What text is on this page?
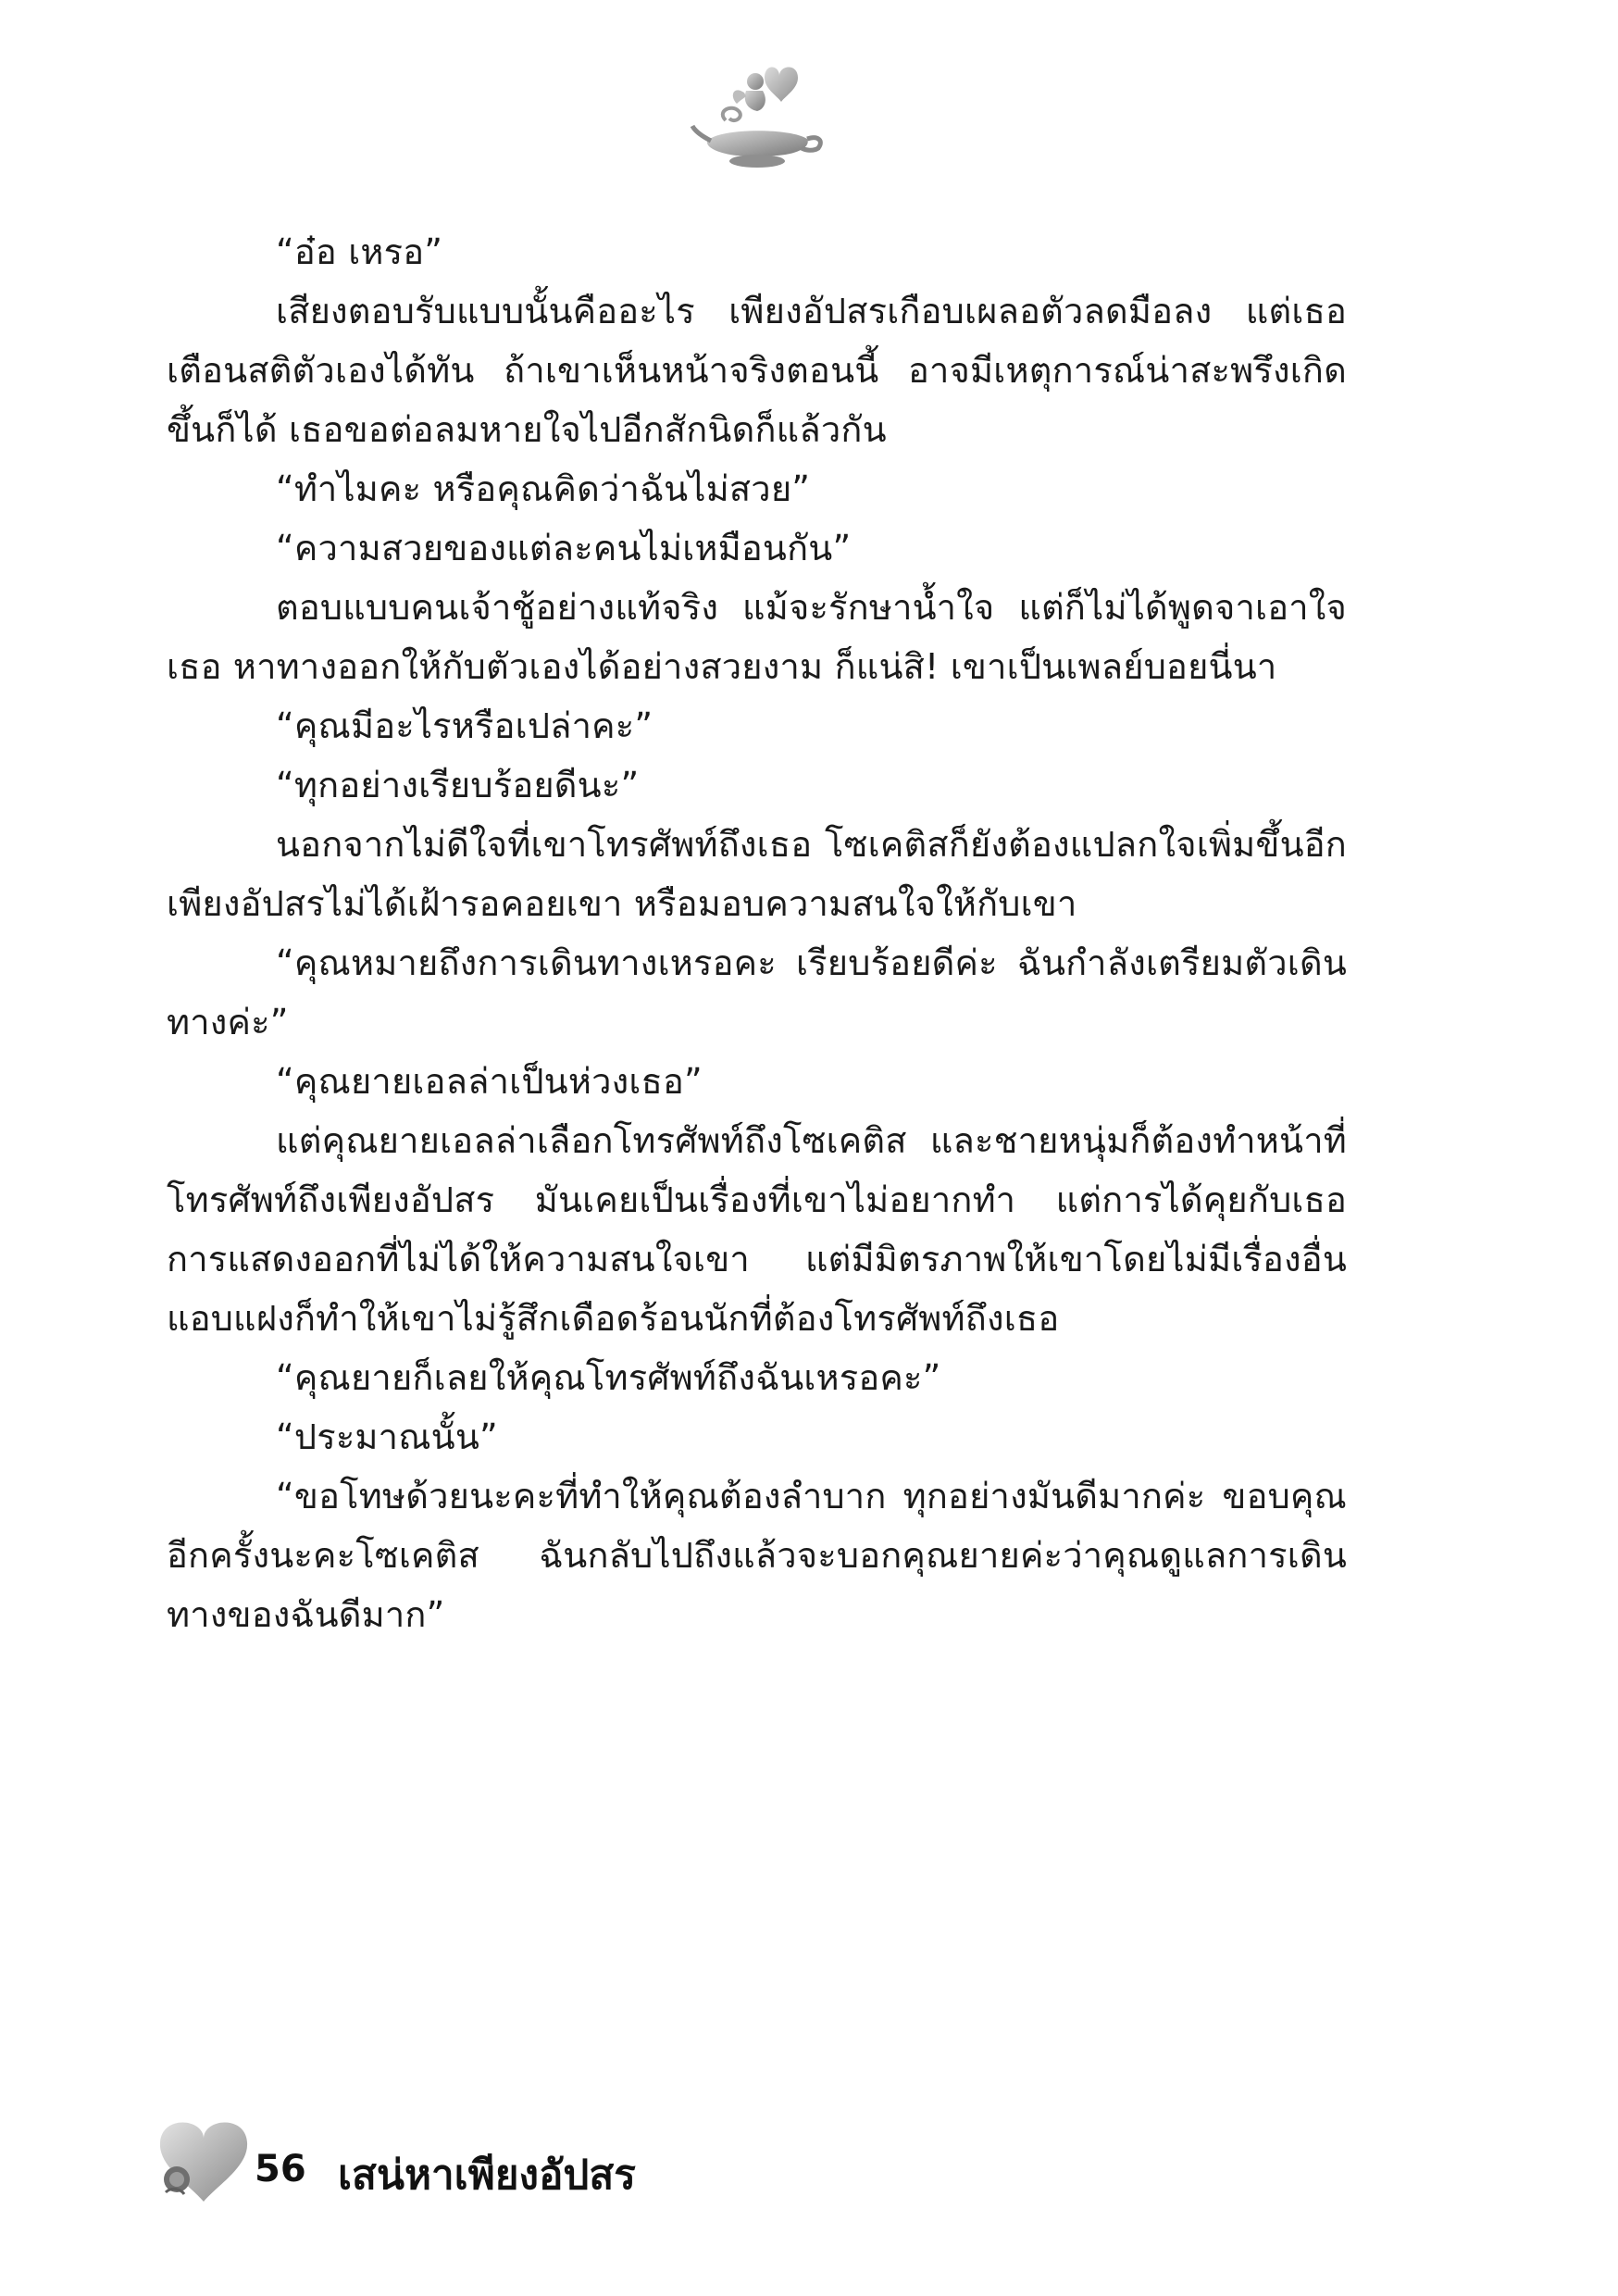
“อ๋อ เหรอ”

เสียงตอบรับแบบนั้นคืออะไร เพียงอัปสรเกือบเผลอตัวลดมือลง แต่เธอเตือนสติตัวเองได้ทัน ถ้าเขาเห็นหน้าจริงตอนนี้ อาจมีเหตุการณ์น่าสะพรึงเกิดขึ้นก็ได้ เธอขอต่อลมหายใจไปอีกสักนิดก็แล้วกัน

“ทำไมคะ หรือคุณคิดว่าฉันไม่สวย”

“ความสวยของแต่ละคนไม่เหมือนกัน”

ตอบแบบคนเจ้าชู้อย่างแท้จริง แม้จะรักษาน้ำใจ แต่ก็ไม่ได้พูดจาเอาใจเธอ หาทางออกให้กับตัวเองได้อย่างสวยงาม ก็แน่สิ! เขาเป็นเพลย์บอยนี่นา

“คุณมีอะไรหรือเปล่าคะ”

“ทุกอย่างเรียบร้อยดีนะ”

นอกจากไม่ดีใจที่เขาโทรศัพท์ถึงเธอ โซเคติสก็ยังต้องแปลกใจเพิ่มขึ้นอีก เพียงอัปสรไม่ได้เฝ้ารอคอยเขา หรือมอบความสนใจให้กับเขา

“คุณหมายถึงการเดินทางเหรอคะ เรียบร้อยดีค่ะ ฉันกำลังเตรียมตัวเดินทางค่ะ”

“คุณยายเอลล่าเป็นห่วงเธอ”

แต่คุณยายเอลล่าเลือกโทรศัพท์ถึงโซเคติส และชายหนุ่มก็ต้องทำหน้าที่โทรศัพท์ถึงเพียงอัปสร มันเคยเป็นเรื่องที่เขาไม่อยากทำ แต่การได้คุยกับเธอ การแสดงออกที่ไม่ได้ให้ความสนใจเขา แต่มีมิตรภาพให้เขาโดยไม่มีเรื่องอื่นแอบแฝงก็ทำให้เขาไม่รู้สึกเดือดร้อนนักที่ต้องโทรศัพท์ถึงเธอ

“คุณยายก็เลยให้คุณโทรศัพท์ถึงฉันเหรอคะ”

“ประมาณนั้น”

“ขอโทษด้วยนะคะที่ทำให้คุณต้องลำบาก ทุกอย่างมันดีมากค่ะ ขอบคุณอีกครั้งนะคะโซเคติส ฉันกลับไปถึงแล้วจะบอกคุณยายค่ะว่าคุณดูแลการเดินทางของฉันดีมาก”

56 เสน่หาเพียงอัปสร
